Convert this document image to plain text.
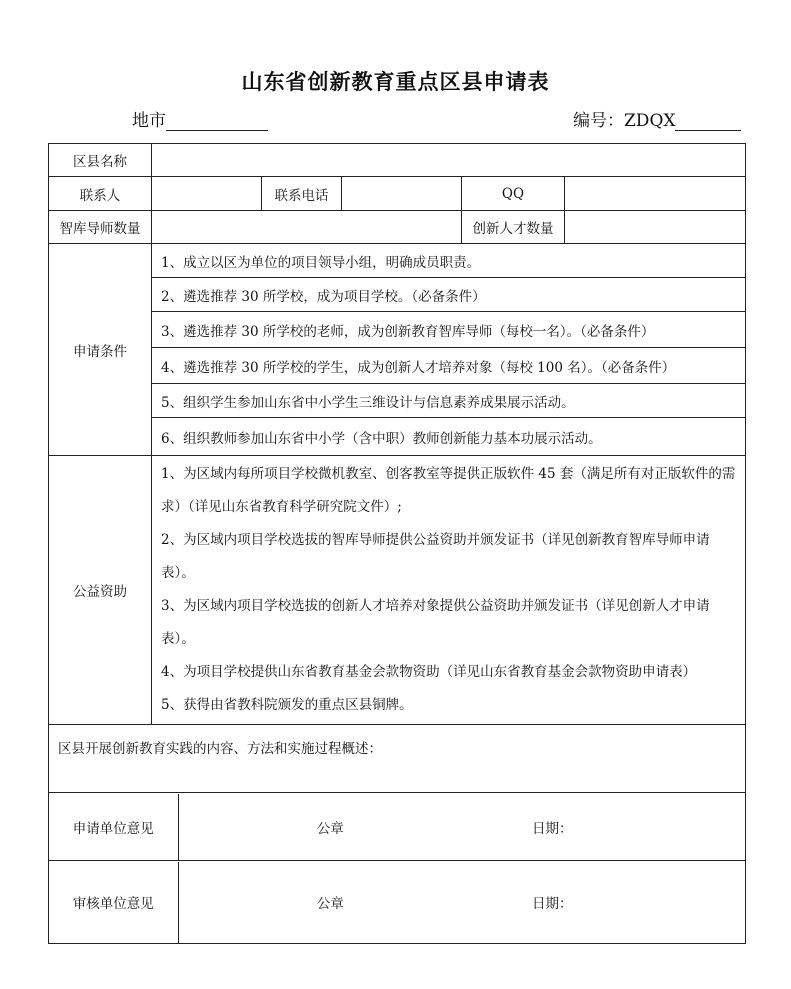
山东省创新教育重点区县申请表
地市	编号：ZDQX
区县名称	
联系人		联系电话		QQ	
智库导师数量		创新人才数量	
申请条件	1、成立以区为单位的项目领导小组，明确成员职责。
2、遴选推荐 30 所学校，成为项目学校。（必备条件）
3、遴选推荐 30 所学校的老师，成为创新教育智库导师（每校一名）。（必备条件）
4、遴选推荐 30 所学校的学生，成为创新人才培养对象（每校 100 名）。（必备条件）
5、组织学生参加山东省中小学生三维设计与信息素养成果展示活动。
6、组织教师参加山东省中小学（含中职）教师创新能力基本功展示活动。
公益资助	
1、为区域内每所项目学校微机教室、创客教室等提供正版软件 45 套（满足所有对正版软件的需求）（详见山东省教育科学研究院文件）;
2、为区域内项目学校选拔的智库导师提供公益资助并颁发证书（详见创新教育智库导师申请表）。
3、为区域内项目学校选拔的创新人才培养对象提供公益资助并颁发证书（详见创新人才申请表）。
4、为项目学校提供山东省教育基金会款物资助（详见山东省教育基金会款物资助申请表）
5、获得由省教科院颁发的重点区县铜牌。

区县开展创新教育实践的内容、方法和实施过程概述：

申请单位意见	公章	日期：

审核单位意见	公章	日期：
